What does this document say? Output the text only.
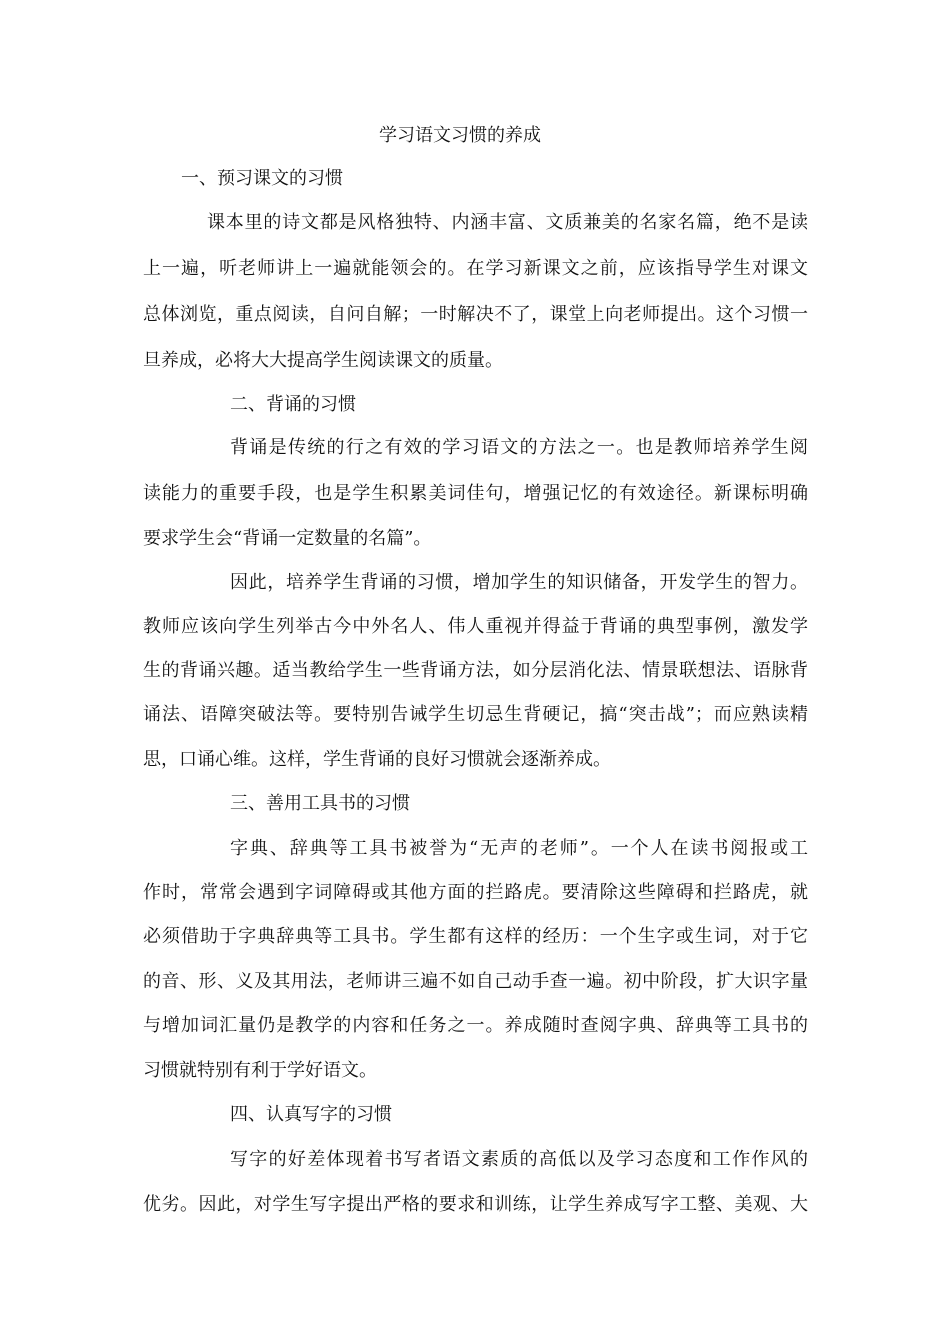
学习语文习惯的养成
一、预习课文的习惯
课本里的诗文都是风格独特、内涵丰富、文质兼美的名家名篇，绝不是读
上一遍，听老师讲上一遍就能领会的。在学习新课文之前，应该指导学生对课文
总体浏览，重点阅读，自问自解；一时解决不了，课堂上向老师提出。这个习惯一
旦养成，必将大大提高学生阅读课文的质量。
二、背诵的习惯
背诵是传统的行之有效的学习语文的方法之一。也是教师培养学生阅
读能力的重要手段，也是学生积累美词佳句，增强记忆的有效途径。新课标明确
要求学生会“背诵一定数量的名篇”。
因此，培养学生背诵的习惯，增加学生的知识储备，开发学生的智力。
教师应该向学生列举古今中外名人、伟人重视并得益于背诵的典型事例，激发学
生的背诵兴趣。适当教给学生一些背诵方法，如分层消化法、情景联想法、语脉背
诵法、语障突破法等。要特别告诫学生切忌生背硬记，搞“突击战”；而应熟读精
思，口诵心维。这样，学生背诵的良好习惯就会逐渐养成。
三、善用工具书的习惯
字典、辞典等工具书被誉为“无声的老师”。一个人在读书阅报或工
作时，常常会遇到字词障碍或其他方面的拦路虎。要清除这些障碍和拦路虎，就
必须借助于字典辞典等工具书。学生都有这样的经历：一个生字或生词，对于它
的音、形、义及其用法，老师讲三遍不如自己动手查一遍。初中阶段，扩大识字量
与增加词汇量仍是教学的内容和任务之一。养成随时查阅字典、辞典等工具书的
习惯就特别有利于学好语文。
四、认真写字的习惯
写字的好差体现着书写者语文素质的高低以及学习态度和工作作风的
优劣。因此，对学生写字提出严格的要求和训练，让学生养成写字工整、美观、大
